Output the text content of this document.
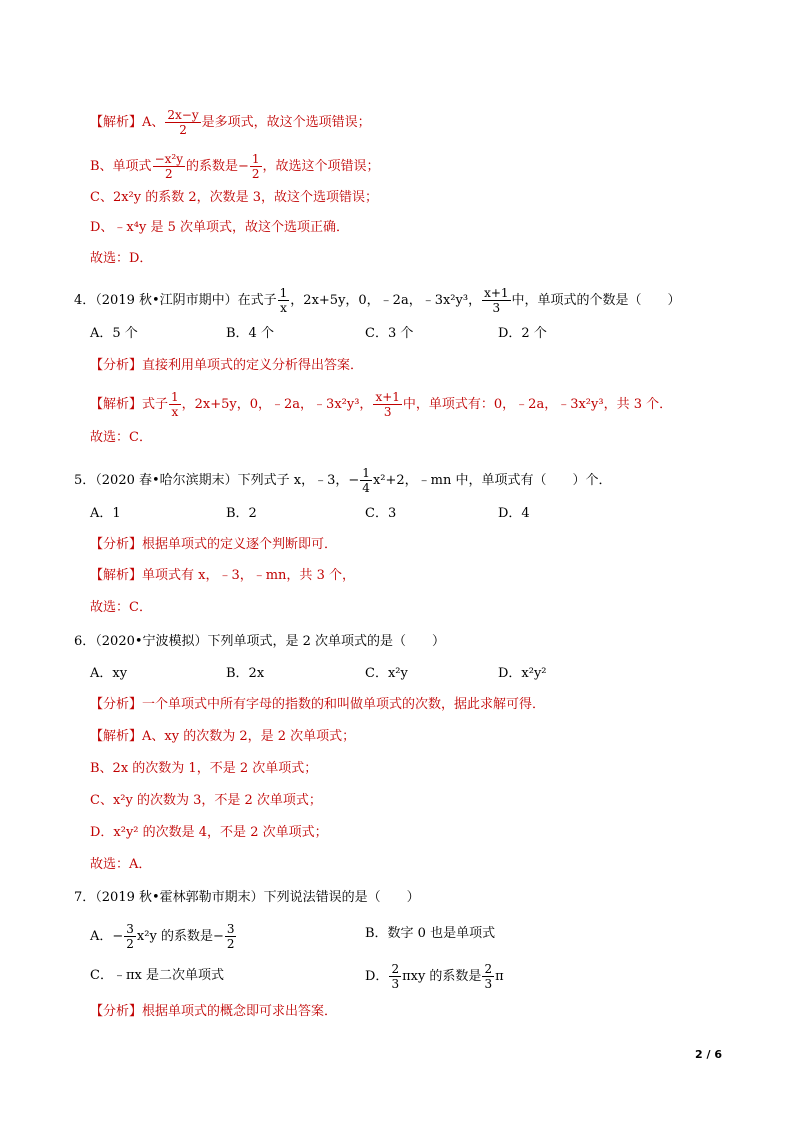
【解析】A、 $\frac{2x-y}{2}$ 是多项式，故这个选项错误；
B、单项式 $\frac{\text{−x²y}}{2}$ 的系数是− $\frac{1}{2}$ ，故选这个项错误；
C、2x²y 的系数 2，次数是 3，故这个选项错误；
D、﹣x⁴y 是 5 次单项式，故这个选项正确．
故选：D．
4．（2019 秋•江阴市期中）在式子 $\frac{1}{x}$ ，2x+5y，0，﹣2a，﹣3x²y³， $\frac{x+1}{3}$ 中，单项式的个数是（　　）
A．5 个	B．4 个	C．3 个	D．2 个
【分析】直接利用单项式的定义分析得出答案．
【解析】式子 $\frac{1}{x}$ ，2x+5y，0，﹣2a，﹣3x²y³， $\frac{x+1}{3}$ 中，单项式有：0，﹣2a，﹣3x²y³，共 3 个．
故选：C．
5．（2020 春•哈尔滨期末）下列式子 x，﹣3，− $\frac{1}{4} x^2+2$，﹣mn 中，单项式有（　　）个．
A．1	B．2	C．3	D．4
【分析】根据单项式的定义逐个判断即可．
【解析】单项式有 x，﹣3，﹣mn，共 3 个，
故选：C．
6．（2020•宁波模拟）下列单项式，是 2 次单项式的是（　　）
A．xy	B．2x	C．x²y	D．x²y²
【分析】一个单项式中所有字母的指数的和叫做单项式的次数，据此求解可得．
【解析】A、xy 的次数为 2，是 2 次单项式；
B、2x 的次数为 1，不是 2 次单项式；
C、x²y 的次数为 3，不是 2 次单项式；
D．x²y² 的次数是 4，不是 2 次单项式；
故选：A．
7．（2019 秋•霍林郭勒市期末）下列说法错误的是（　　）
A．− $\frac{3}{2} x^2y$ 的系数是− $\frac{3}{2}$	B．数字 0 也是单项式
C．﹣πx 是二次单项式	D． $\frac{2}{3}$ πxy 的系数是 $\frac{2}{3}$ π
【分析】根据单项式的概念即可求出答案．
2 / 6
